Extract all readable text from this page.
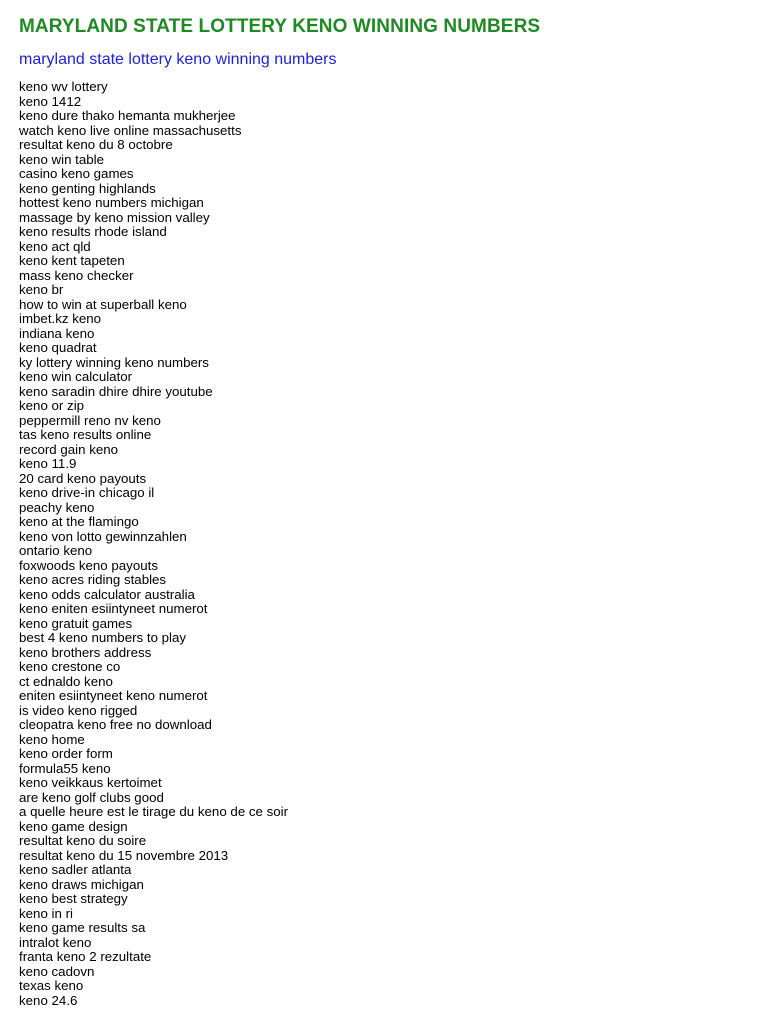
MARYLAND STATE LOTTERY KENO WINNING NUMBERS
maryland state lottery keno winning numbers
keno wv lottery
keno 1412
keno dure thako hemanta mukherjee
watch keno live online massachusetts
resultat keno du 8 octobre
keno win table
casino keno games
keno genting highlands
hottest keno numbers michigan
massage by keno mission valley
keno results rhode island
keno act qld
keno kent tapeten
mass keno checker
keno br
how to win at superball keno
imbet.kz keno
indiana keno
keno quadrat
ky lottery winning keno numbers
keno win calculator
keno saradin dhire dhire youtube
keno or zip
peppermill reno nv keno
tas keno results online
record gain keno
keno 11.9
20 card keno payouts
keno drive-in chicago il
peachy keno
keno at the flamingo
keno von lotto gewinnzahlen
ontario keno
foxwoods keno payouts
keno acres riding stables
keno odds calculator australia
keno eniten esiintyneet numerot
keno gratuit games
best 4 keno numbers to play
keno brothers address
keno crestone co
ct ednaldo keno
eniten esiintyneet keno numerot
is video keno rigged
cleopatra keno free no download
keno home
keno order form
formula55 keno
keno veikkaus kertoimet
are keno golf clubs good
a quelle heure est le tirage du keno de ce soir
keno game design
resultat keno du soire
resultat keno du 15 novembre 2013
keno sadler atlanta
keno draws michigan
keno best strategy
keno in ri
keno game results sa
intralot keno
franta keno 2 rezultate
keno cadovn
texas keno
keno 24.6
